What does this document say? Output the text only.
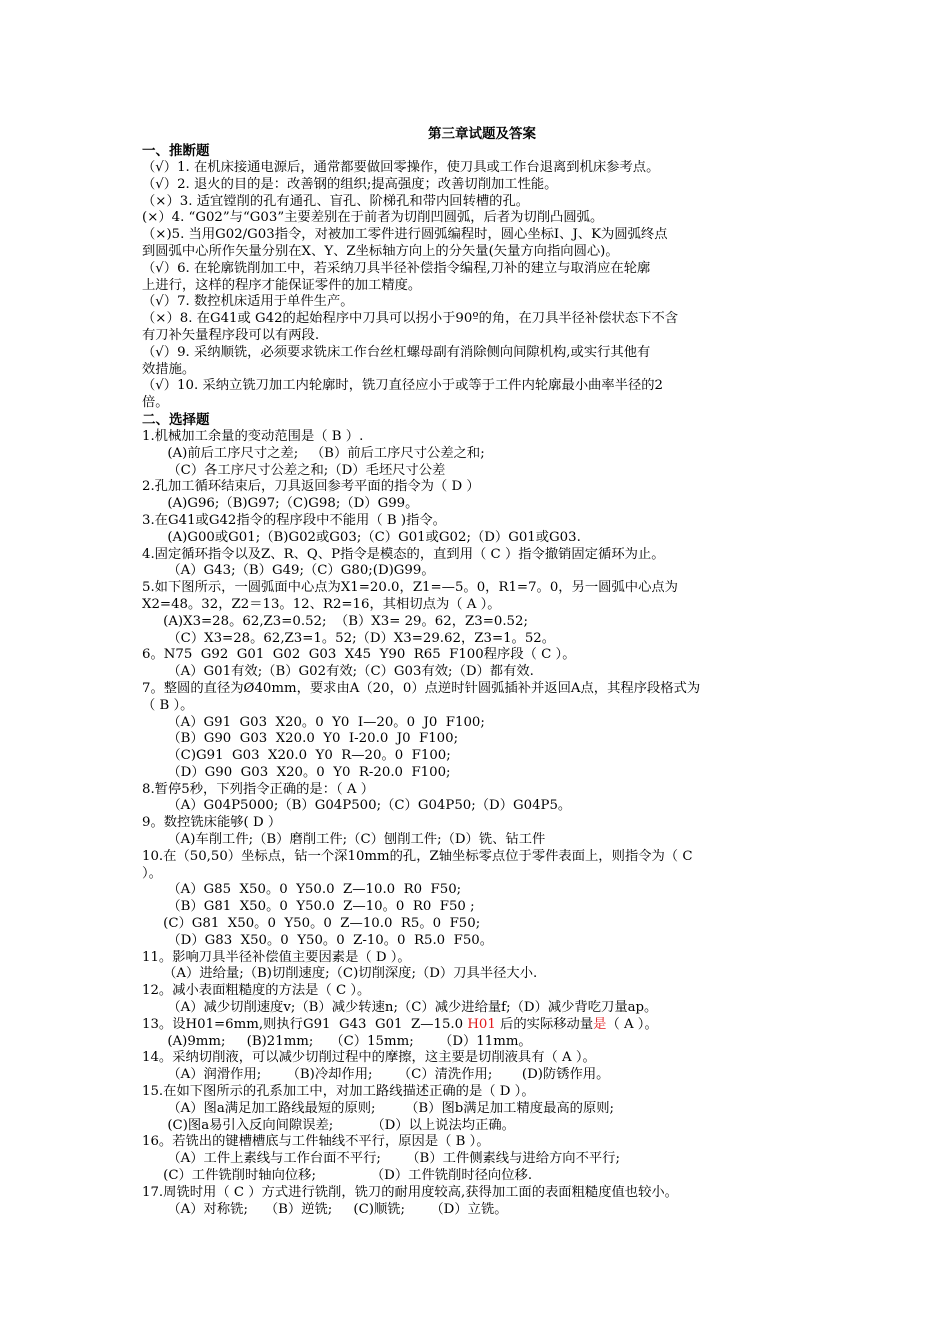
第三章试题及答案
一、推断题
（√）1. 在机床接通电源后，通常都要做回零操作，使刀具或工作台退离到机床参考点。
（√）2. 退火的目的是：改善钢的组织;提高强度；改善切削加工性能。
（×）3. 适宜镗削的孔有通孔、盲孔、阶梯孔和带内回转槽的孔。
(×）4. “G02”与“G03”主要差别在于前者为切削凹圆弧，后者为切削凸圆弧。
（×)5. 当用G02/G03指令，对被加工零件进行圆弧编程时，圆心坐标I、J、K为圆弧终点
到圆弧中心所作矢量分别在X、Y、Z坐标轴方向上的分矢量(矢量方向指向圆心)。
（√）6. 在轮廓铣削加工中，若采纳刀具半径补偿指令编程,刀补的建立与取消应在轮廓
上进行，这样的程序才能保证零件的加工精度。
（√）7. 数控机床适用于单件生产。
（×）8. 在G41或 G42的起始程序中刀具可以拐小于90º的角，在刀具半径补偿状态下不含
有刀补矢量程序段可以有两段.
（√）9. 采纳顺铣，必须要求铣床工作台丝杠螺母副有消除侧向间隙机构,或实行其他有
效措施。
（√）10. 采纳立铣刀加工内轮廓时，铣刀直径应小于或等于工件内轮廓最小曲率半径的2
倍。
二、选择题
1.机械加工余量的变动范围是（ B ）.
(A)前后工序尺寸之差;   （B）前后工序尺寸公差之和;
（C）各工序尺寸公差之和;（D）毛坯尺寸公差
2.孔加工循环结束后，刀具返回参考平面的指令为（ D ）
(A)G96;（B)G97;（C)G98;（D）G99。
3.在G41或G42指令的程序段中不能用（ B )指令。
(A)G00或G01;（B)G02或G03;（C）G01或G02;（D）G01或G03.
4.固定循环指令以及Z、R、Q、P指令是模态的，直到用（ C ）指令撤销固定循环为止。
（A）G43;（B）G49;（C）G80;(D)G99。
5.如下图所示，一圆弧面中心点为X1=20.0，Z1=—5。0，R1=7。0，另一圆弧中心点为
X2=48。32，Z2＝13。12、R2=16，其相切点为（ A ）。
(A)X3=28。62,Z3=0.52;  （B）X3= 29。62，Z3=0.52;
（C）X3=28。62,Z3=1。52;（D）X3=29.62，Z3=1。52。
6。N75  G92  G01  G02  G03  X45  Y90  R65  F100程序段（ C ）。
（A）G01有效;（B）G02有效;（C）G03有效;（D）都有效.
7。整圆的直径为Ø40mm，要求由A（20，0）点逆时针圆弧插补并返回A点，其程序段格式为
（ B ）。
（A）G91  G03  X20。0  Y0  I—20。0  J0  F100;
（B）G90  G03  X20.0  Y0  I-20.0  J0  F100;
（C)G91  G03  X20.0  Y0  R—20。0  F100;
（D）G90  G03  X20。0  Y0  R-20.0  F100;
8.暂停5秒，下列指令正确的是：（ A ）
（A）G04P5000;（B）G04P500;（C）G04P50;（D）G04P5。
9。数控铣床能够( D ）
（A)车削工件;（B）磨削工件;（C）刨削工件;（D）铣、钻工件
10.在（50,50）坐标点，钻一个深10mm的孔，Z轴坐标零点位于零件表面上，则指令为（ C
）。
（A）G85  X50。0  Y50.0  Z—10.0  R0  F50;
（B）G81  X50。0  Y50.0  Z—10。0  R0  F50 ;
(C）G81  X50。0  Y50。0  Z—10.0  R5。0  F50;
（D）G83  X50。0  Y50。0  Z-10。0  R5.0  F50。
11。影响刀具半径补偿值主要因素是（ D ）。
（A）进给量;（B)切削速度;（C)切削深度;（D）刀具半径大小.
12。减小表面粗糙度的方法是（ C ）。
（A）减少切削速度v;（B）减少转速n;（C）减少进给量f;（D）减少背吃刀量ap。
13。设H01=6mm,则执行G91  G43  G01  Z—15.0 H01 后的实际移动量是（ A ）。
(A)9mm;     (B)21mm;    （C）15mm;      （D）11mm。
14。采纳切削液，可以减少切削过程中的摩擦，这主要是切削液具有（ A ）。
（A）润滑作用;      （B)冷却作用;      （C）清洗作用;       (D)防锈作用。
15.在如下图所示的孔系加工中，对加工路线描述正确的是（ D ）。
（A）图a满足加工路线最短的原则;       （B）图b满足加工精度最高的原则;
(C)图a易引入反向间隙误差;         （D）以上说法均正确。
16。若铣出的键槽槽底与工件轴线不平行，原因是（ B ）。
（A）工件上素线与工作台面不平行;      （B）工件侧素线与进给方向不平行;
(C）工件铣削时轴向位移;             （D）工件铣削时径向位移.
17.周铣时用（ C ）方式进行铣削，铣刀的耐用度较高,获得加工面的表面粗糙度值也较小。
（A）对称铣;    （B）逆铣;     (C)顺铣;      （D）立铣。
